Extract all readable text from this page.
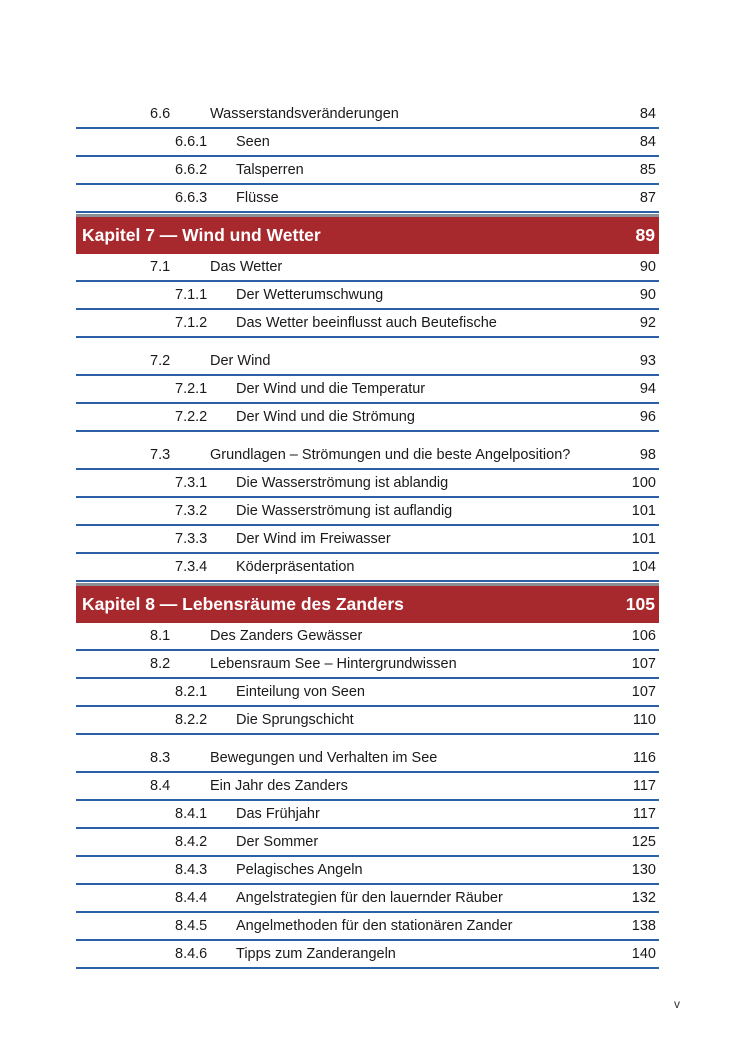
6.6	Wasserstandsveränderungen	84
6.6.1 Seen	84
6.6.2 Talsperren	85
6.6.3 Flüsse	87
Kapitel 7 — Wind und Wetter	89
7.1	Das Wetter	90
7.1.1 Der Wetterumschwung	90
7.1.2 Das Wetter beeinflusst auch Beutefische	92
7.2	Der Wind	93
7.2.1 Der Wind und die Temperatur	94
7.2.2 Der Wind und die Strömung	96
7.3	Grundlagen – Strömungen und die beste Angelposition?	98
7.3.1 Die Wasserströmung ist ablandig	100
7.3.2 Die Wasserströmung ist auflandig	101
7.3.3 Der Wind im Freiwasser	101
7.3.4 Köderpräsentation	104
Kapitel 8 — Lebensräume des Zanders	105
8.1	Des Zanders Gewässer	106
8.2	Lebensraum See – Hintergrundwissen	107
8.2.1 Einteilung von Seen	107
8.2.2 Die Sprungschicht	110
8.3	Bewegungen und Verhalten im See	116
8.4	Ein Jahr des Zanders	117
8.4.1 Das Frühjahr	117
8.4.2 Der Sommer	125
8.4.3 Pelagisches Angeln	130
8.4.4 Angelstrategien für den lauernder Räuber	132
8.4.5 Angelmethoden für den stationären Zander	138
8.4.6 Tipps zum Zanderangeln	140
v
